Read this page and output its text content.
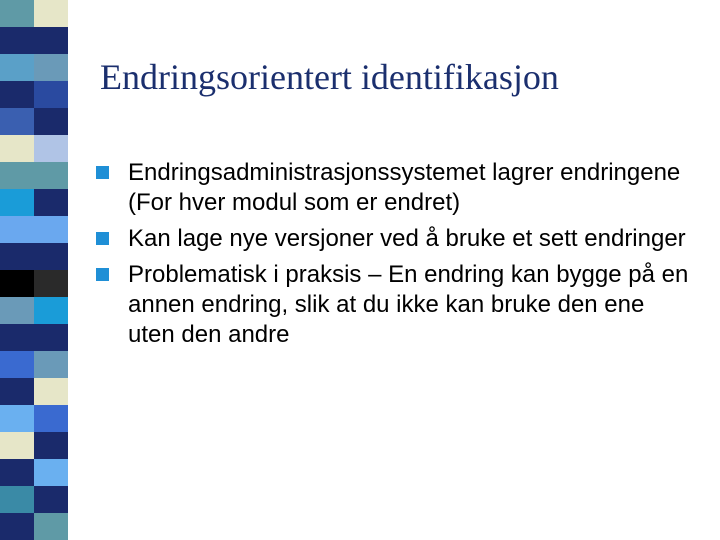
Endringsorientert identifikasjon
Endringsadministrasjonssystemet lagrer endringene (For hver modul som er endret)
Kan lage nye versjoner ved å bruke et sett endringer
Problematisk i praksis – En endring kan bygge på en annen endring, slik at du ikke kan bruke den ene uten den andre
